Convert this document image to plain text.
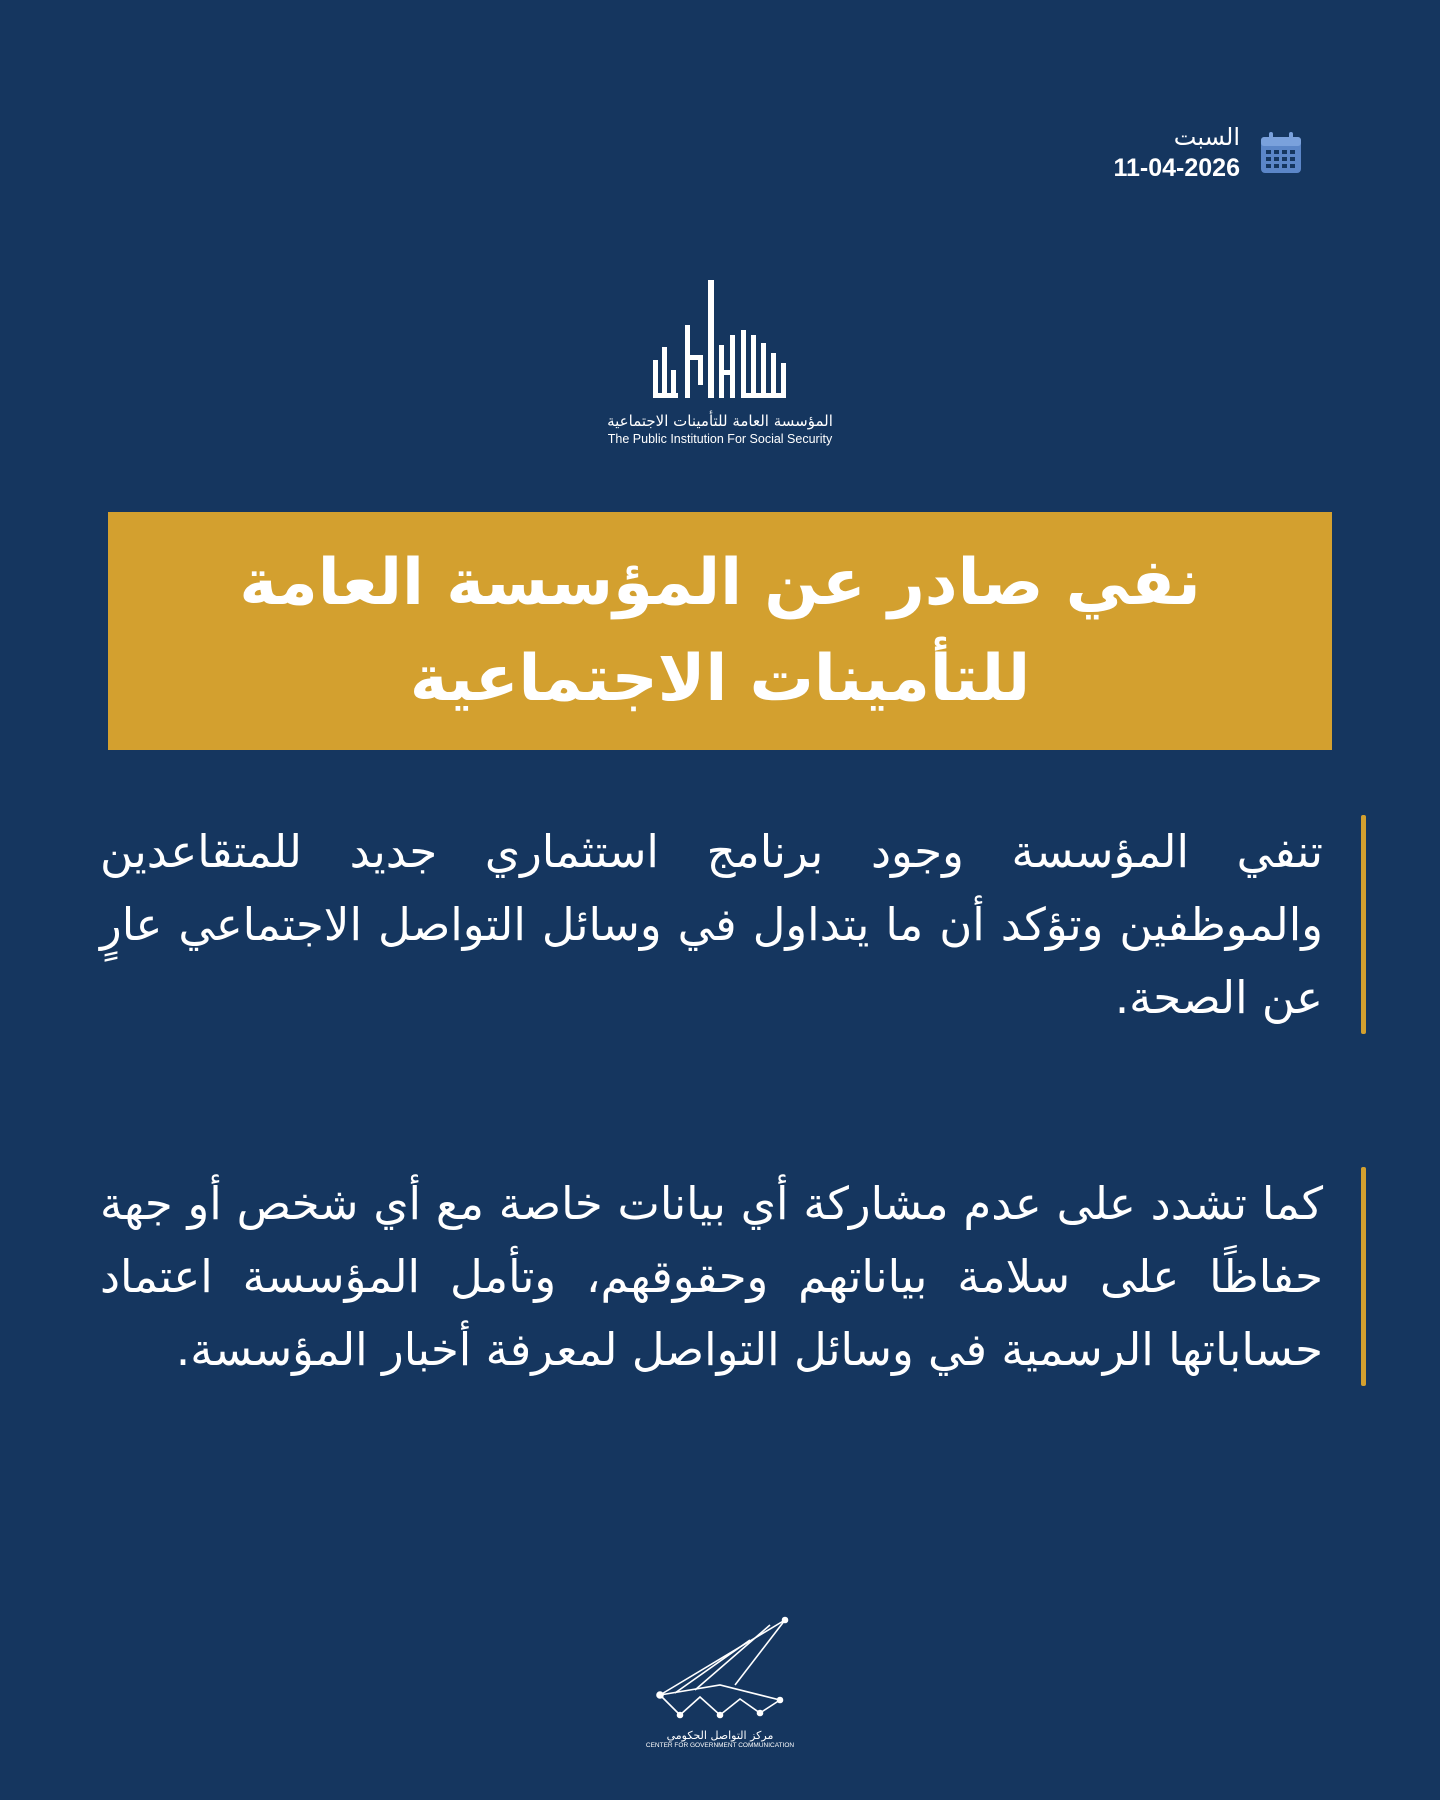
السبت
11-04-2026
المؤسسة العامة للتأمينات الاجتماعية
The Public Institution For Social Security
نفي صادر عن المؤسسة العامة للتأمينات الاجتماعية

تنفي المؤسسة وجود برنامج استثماري جديد للمتقاعدين والموظفين وتؤكد أن ما يتداول في وسائل التواصل الاجتماعي عارٍ عن الصحة.

كما تشدد على عدم مشاركة أي بيانات خاصة مع أي شخص أو جهة حفاظًا على سلامة بياناتهم وحقوقهم، وتأمل المؤسسة اعتماد حساباتها الرسمية في وسائل التواصل لمعرفة أخبار المؤسسة.

مركز التواصل الحكومي
CENTER FOR GOVERNMENT COMMUNICATION
